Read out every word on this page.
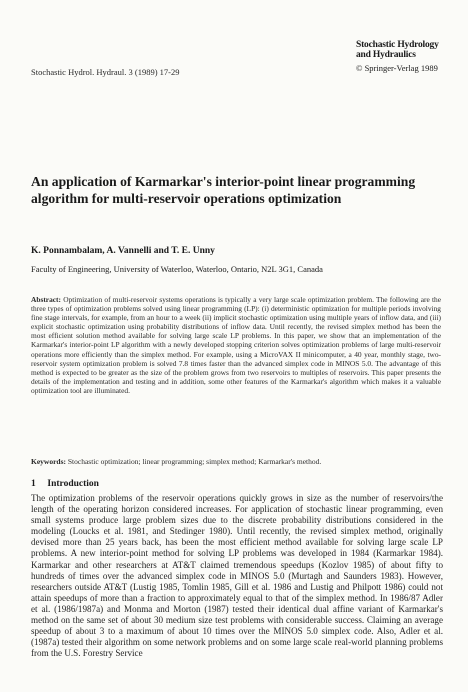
Stochastic Hydrology
and Hydraulics
© Springer-Verlag 1989
Stochastic Hydrol. Hydraul. 3 (1989) 17-29
An application of Karmarkar's interior-point linear programming algorithm for multi-reservoir operations optimization
K. Ponnambalam, A. Vannelli and T. E. Unny
Faculty of Engineering, University of Waterloo, Waterloo, Ontario, N2L 3G1, Canada
Abstract: Optimization of multi-reservoir systems operations is typically a very large scale optimization problem. The following are the three types of optimization problems solved using linear programming (LP): (i) deterministic optimization for multiple periods involving fine stage intervals, for example, from an hour to a week (ii) implicit stochastic optimization using multiple years of inflow data, and (iii) explicit stochastic optimization using probability distributions of inflow data. Until recently, the revised simplex method has been the most efficient solution method available for solving large scale LP problems. In this paper, we show that an implementation of the Karmarkar's interior-point LP algorithm with a newly developed stopping criterion solves optimization problems of large multi-reservoir operations more efficiently than the simplex method. For example, using a MicroVAX II minicomputer, a 40 year, monthly stage, two-reservoir system optimization problem is solved 7.8 times faster than the advanced simplex code in MINOS 5.0. The advantage of this method is expected to be greater as the size of the problem grows from two reservoirs to multiples of reservoirs. This paper presents the details of the implementation and testing and in addition, some other features of the Karmarkar's algorithm which makes it a valuable optimization tool are illuminated.
Keywords: Stochastic optimization; linear programming; simplex method; Karmarkar's method.
1 Introduction
The optimization problems of the reservoir operations quickly grows in size as the number of reservoirs/the length of the operating horizon considered increases. For application of stochastic linear programming, even small systems produce large problem sizes due to the discrete probability distributions considered in the modeling (Loucks et al. 1981, and Stedinger 1980). Until recently, the revised simplex method, originally devised more than 25 years back, has been the most efficient method available for solving large scale LP problems. A new interior-point method for solving LP problems was developed in 1984 (Karmarkar 1984). Karmarkar and other researchers at AT&T claimed tremendous speedups (Kozlov 1985) of about fifty to hundreds of times over the advanced simplex code in MINOS 5.0 (Murtagh and Saunders 1983). However, researchers outside AT&T (Lustig 1985, Tomlin 1985, Gill et al. 1986 and Lustig and Philpott 1986) could not attain speedups of more than a fraction to approximately equal to that of the simplex method. In 1986/87 Adler et al. (1986/1987a) and Monma and Morton (1987) tested their identical dual affine variant of Karmarkar's method on the same set of about 30 medium size test problems with considerable success. Claiming an average speedup of about 3 to a maximum of about 10 times over the MINOS 5.0 simplex code. Also, Adler et al. (1987a) tested their algorithm on some network problems and on some large scale real-world planning problems from the U.S. Forestry Service
